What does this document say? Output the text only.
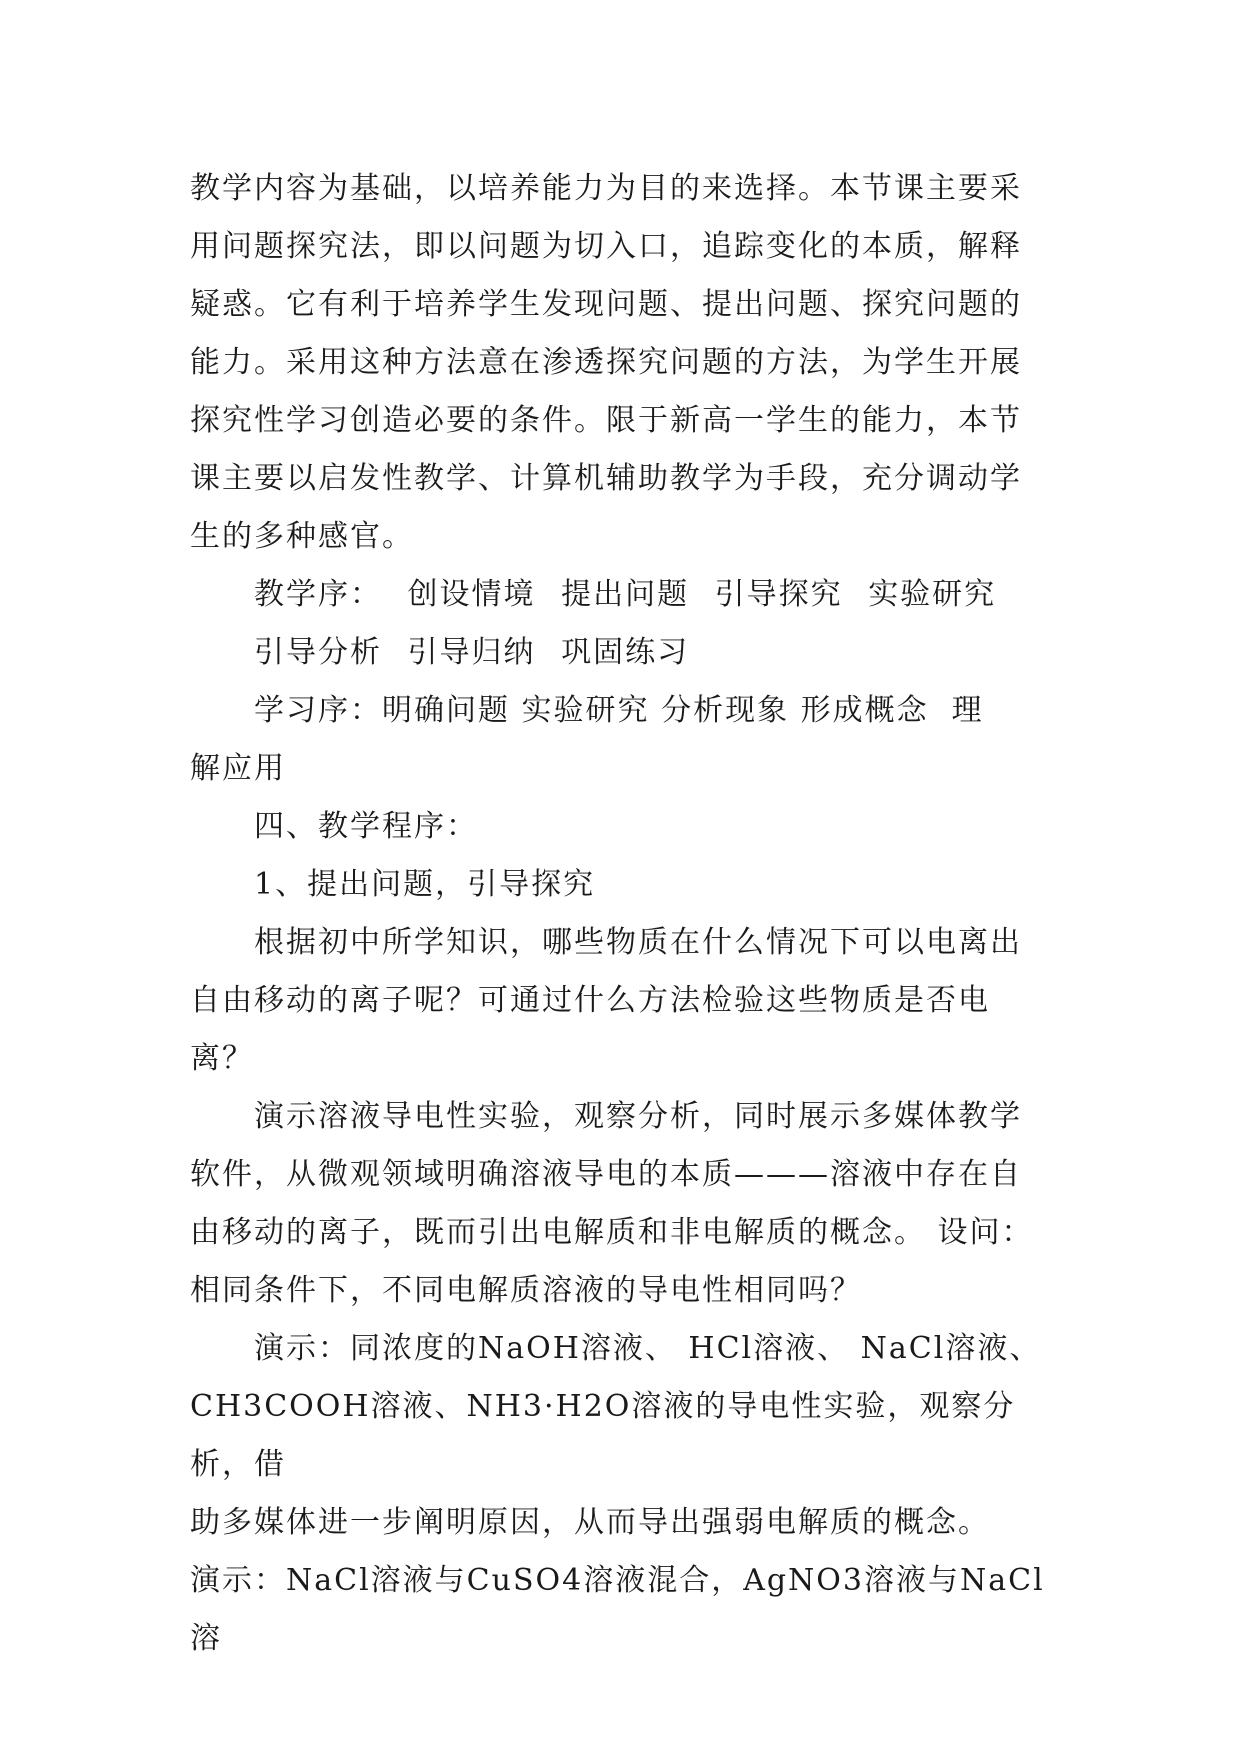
教学内容为基础，以培养能力为目的来选择。本节课主要采
用问题探究法，即以问题为切入口，追踪变化的本质，解释
疑惑。它有利于培养学生发现问题、提出问题、探究问题的
能力。采用这种方法意在渗透探究问题的方法，为学生开展
探究性学习创造必要的条件。限于新高一学生的能力，本节
课主要以启发性教学、计算机辅助教学为手段，充分调动学
生的多种感官。

教学序： 创设情境 提出问题 引导探究 实验研究

引导分析 引导归纳 巩固练习

学习序：明确问题 实验研究 分析现象 形成概念  理

解应用

四、教学程序：

1、提出问题，引导探究

根据初中所学知识，哪些物质在什么情况下可以电离出
自由移动的离子呢？可通过什么方法检验这些物质是否电
离？

演示溶液导电性实验，观察分析，同时展示多媒体教学
软件，从微观领域明确溶液导电的本质———溶液中存在自
由移动的离子，既而引出电解质和非电解质的概念。 设问：
相同条件下，不同电解质溶液的导电性相同吗？

演示：同浓度的NaOH溶液、 HCl溶液、 NaCl溶液、
CH3COOH溶液、NH3·H2O溶液的导电性实验，观察分析，借
助多媒体进一步阐明原因，从而导出强弱电解质的概念。
演示：NaCl溶液与CuSO4溶液混合，AgNO3溶液与NaCl溶
